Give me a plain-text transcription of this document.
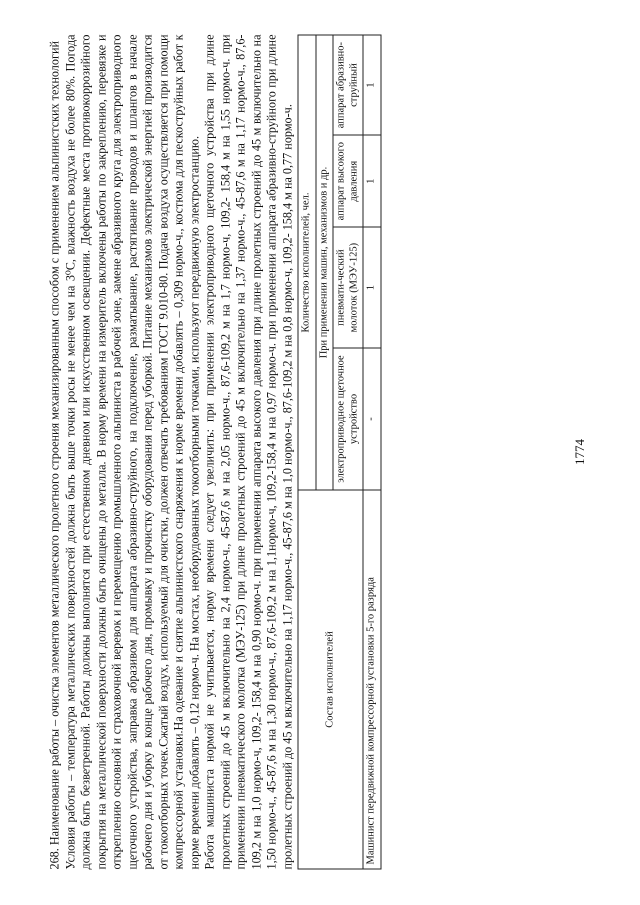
1774

268. Наименование работы – очистка элементов металлического пролетного строения механизированным способом с применением альпинистских технологий Условия работы – температура металлических поверхностей должна быть выше точки росы не менее чем на 3⁰С, влажность воздуха не более 80%. Погода должна быть безветренной. Работы должны выполнятся при естественном дневном или искусственном освещении. Дефектные места противокоррозийного покрытия на металлической поверхности должны быть очищены до металла. В норму времени на измеритель включены работы по закреплению, перевязке и откреплению основной и страховочной веревок и перемещению промышленного альпиниста в рабочей зоне, замене абразивного круга для электроприводного щеточного устройства, заправка абразивом для аппарата абразивно-струйного, на подключение, разматывание, растягивание проводов и шлангов в начале рабочего дня и уборку в конце рабочего дня, промывку и прочистку оборудования перед уборкой. Питание механизмов электрической энергией производится от токоотборных точек.Сжатый воздух, используемый для очистки, должен отвечать требованиям ГОСТ 9.010-80. Подача воздуха осуществляется при помощи компрессорной установки.На одевание и снятие альпинистского снаряжения к норме времени добавлять – 0,309 нормо-ч., костюма для пескоструйных работ к норме времени добавлять – 0,12 нормо-ч. На мостах, необорудованных токоотборными точками, используют передвижную электростанцию. Работа машиниста нормой не учитывается, норму времени следует увеличить: при применении электроприводного щеточного устройства при длине пролетных строений до 45 м включительно на 2,4 нормо-ч., 45-87,6 м на 2,05 нормо-ч., 87,6-109,2 м на 1,7 нормо-ч, 109,2- 158,4 м на 1,55 нормо-ч. при применении пневматического молотка (МЭУ-125) при длине пролетных строений до 45 м включительно на 1,37 нормо-ч., 45-87,6 м на 1,17 нормо-ч., 87,6-109,2 м на 1,0 нормо-ч, 109,2- 158,4 м на 0,90 нормо-ч. при применении аппарата высокого давления при длине пролетных строений до 45 м включительно на 1,50 нормо-ч., 45-87,6 м на 1,30 нормо-ч., 87,6-109,2 м на 1,1нормо-ч, 109,2-158,4 м на 0,97 нормо-ч. при применении аппарата абразивно-струйного при длине пролетных строений до 45 м включительно на 1,17 нормо-ч., 45-87,6 м на 1,0 нормо-ч., 87,6-109,2 м на 0,8 нормо-ч, 109,2- 158,4 м на 0,77 нормо-ч.	Состав исполнителей	Количество исполнителей, чел.			
	При применении машин, механизмов и др.			
	электроприводное щеточное устройство	пневмати-ческий молоток (МЭУ-125)	аппарат высокого давления	аппарат абразивно-струйный
Машинист передвижной компрессорной установки 5-го разряда	-	1	1	1
